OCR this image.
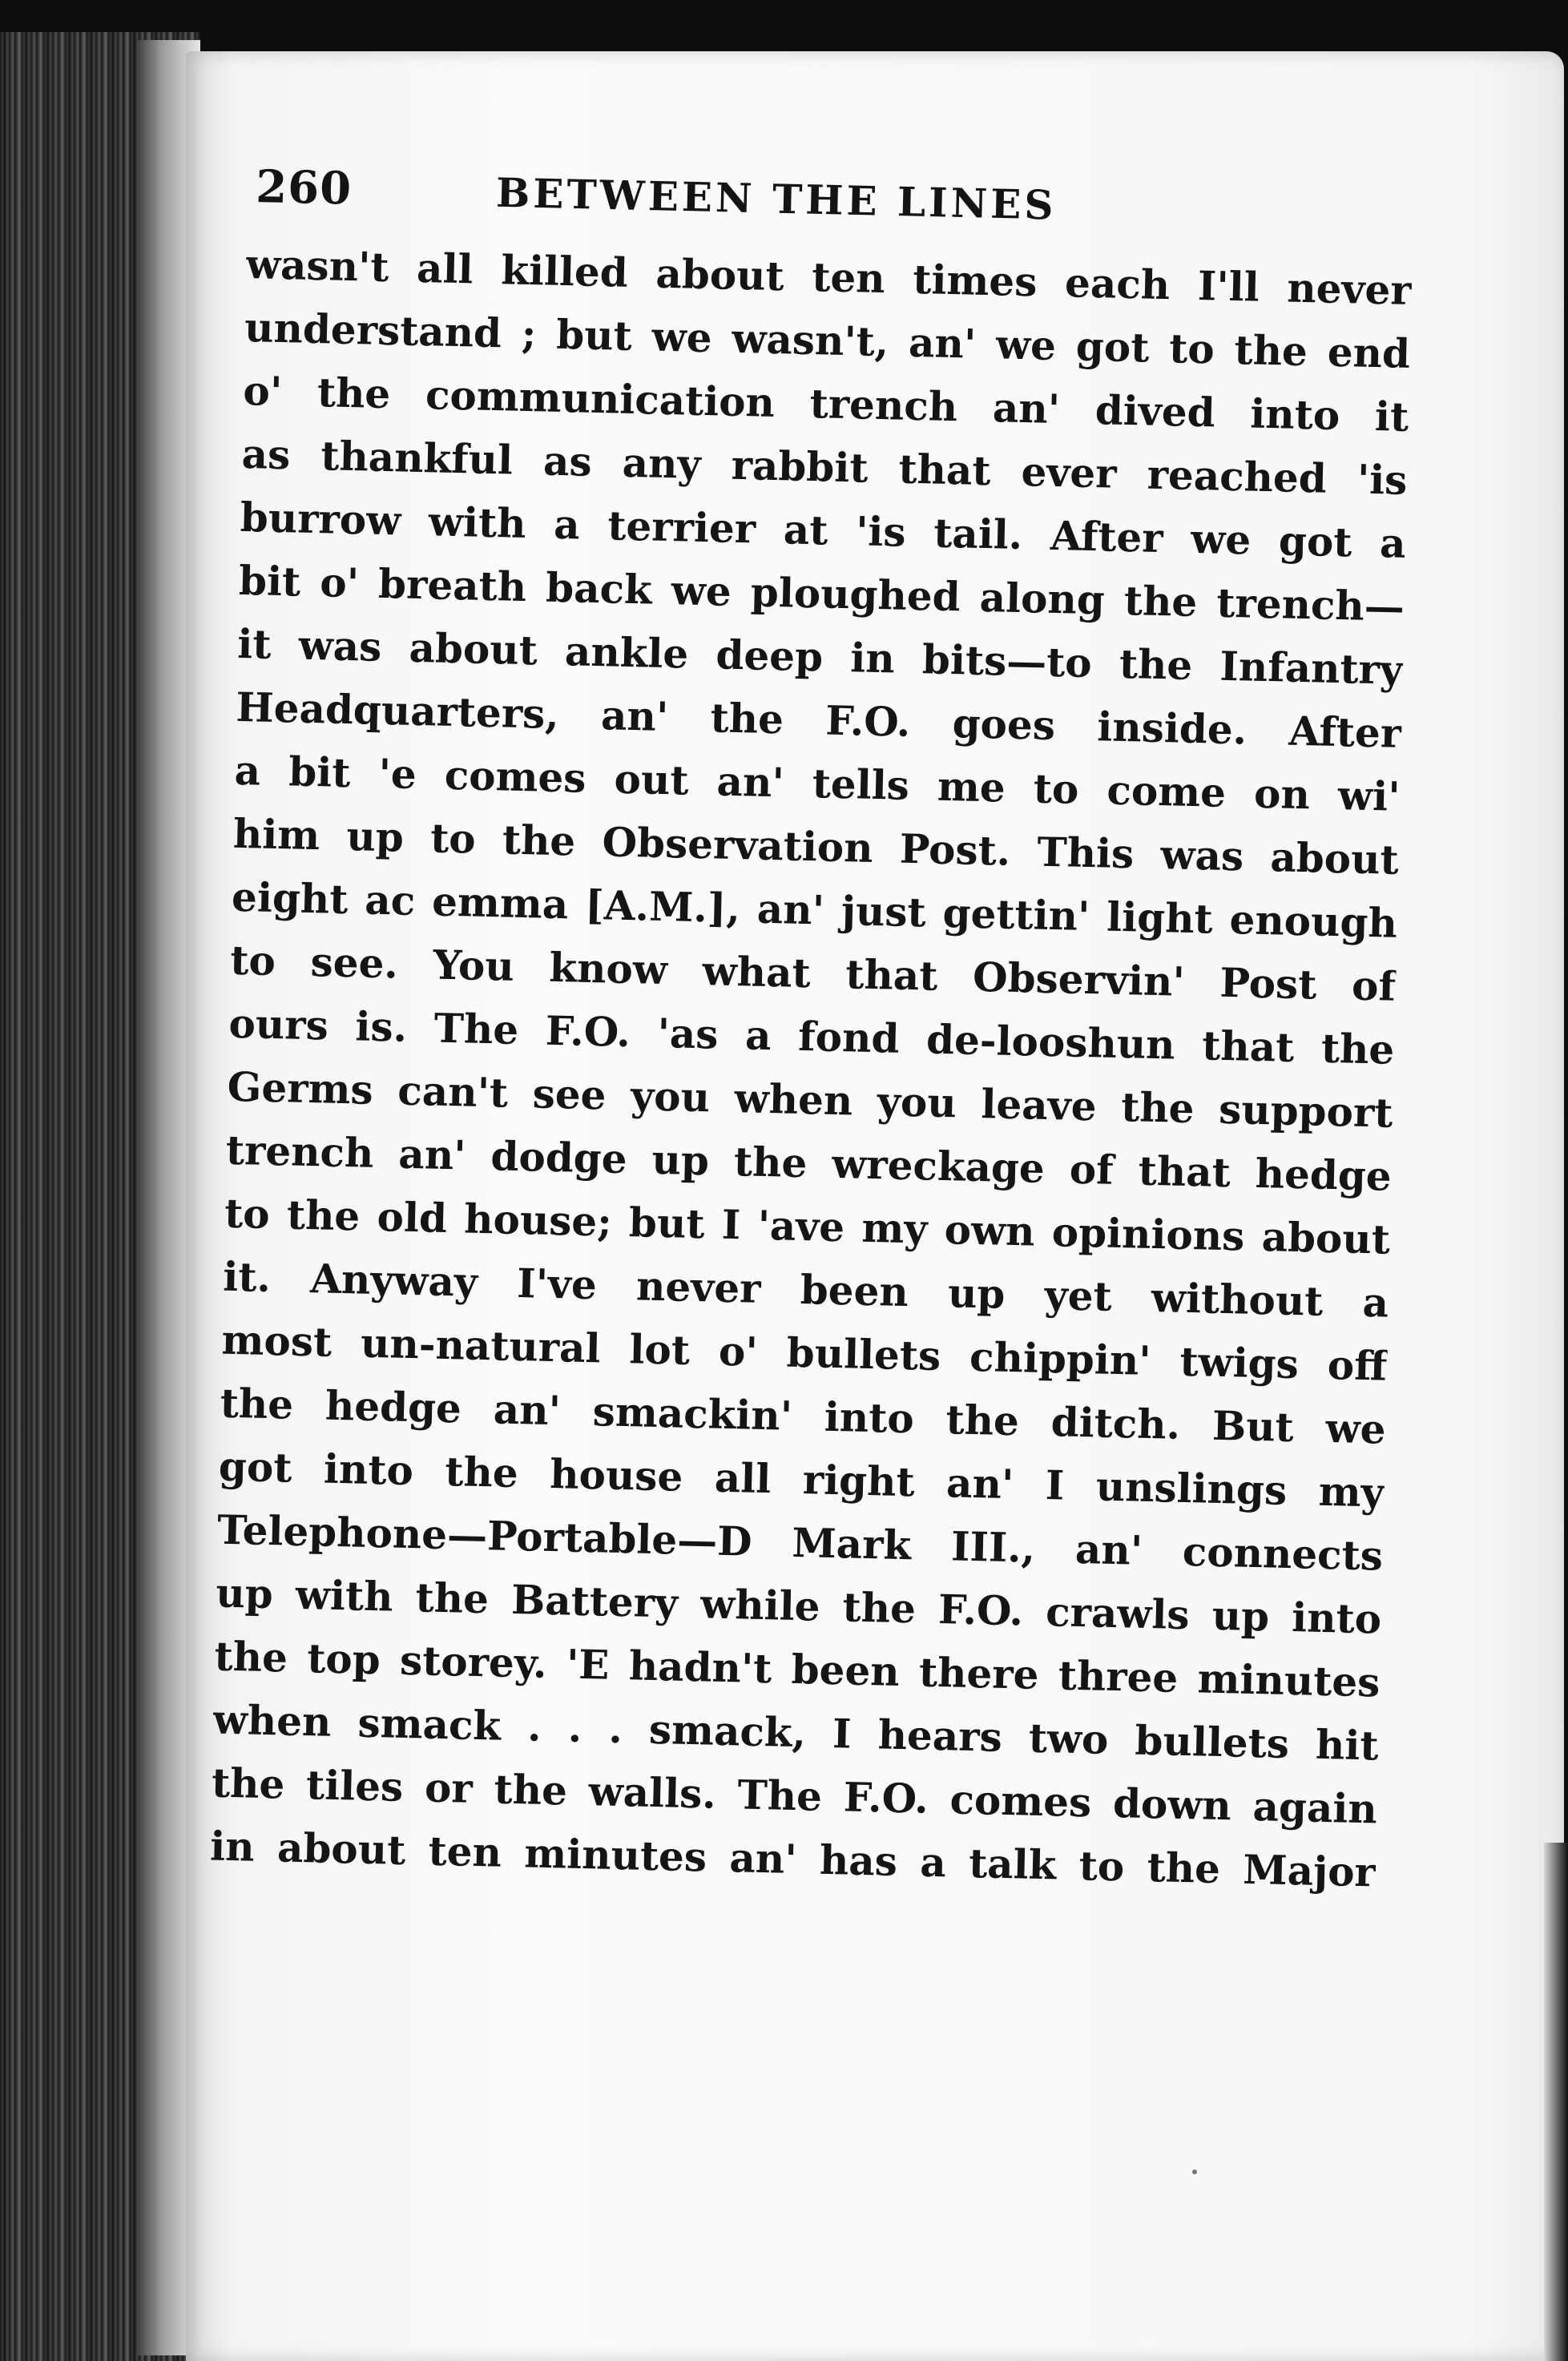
260	BETWEEN THE LINES
wasn't all killed about ten times each I'll never
understand ; but we wasn't, an' we got to the end
o' the communication trench an' dived into it
as thankful as any rabbit that ever reached 'is
burrow with a terrier at 'is tail. After we got a
bit o' breath back we ploughed along the trench—
it was about ankle deep in bits—to the Infantry
Headquarters, an' the F.O. goes inside. After
a bit 'e comes out an' tells me to come on wi'
him up to the Observation Post. This was about
eight ac emma [A.M.], an' just gettin' light enough
to see. You know what that Observin' Post of
ours is. The F.O. 'as a fond de-looshun that the
Germs can't see you when you leave the support
trench an' dodge up the wreckage of that hedge
to the old house; but I 'ave my own opinions about
it. Anyway I've never been up yet without a
most un-natural lot o' bullets chippin' twigs off
the hedge an' smackin' into the ditch. But we
got into the house all right an' I unslings my
Telephone—Portable—D Mark III., an' connects
up with the Battery while the F.O. crawls up into
the top storey. 'E hadn't been there three minutes
when smack . . . smack, I hears two bullets hit
the tiles or the walls. The F.O. comes down again
in about ten minutes an' has a talk to the Major
